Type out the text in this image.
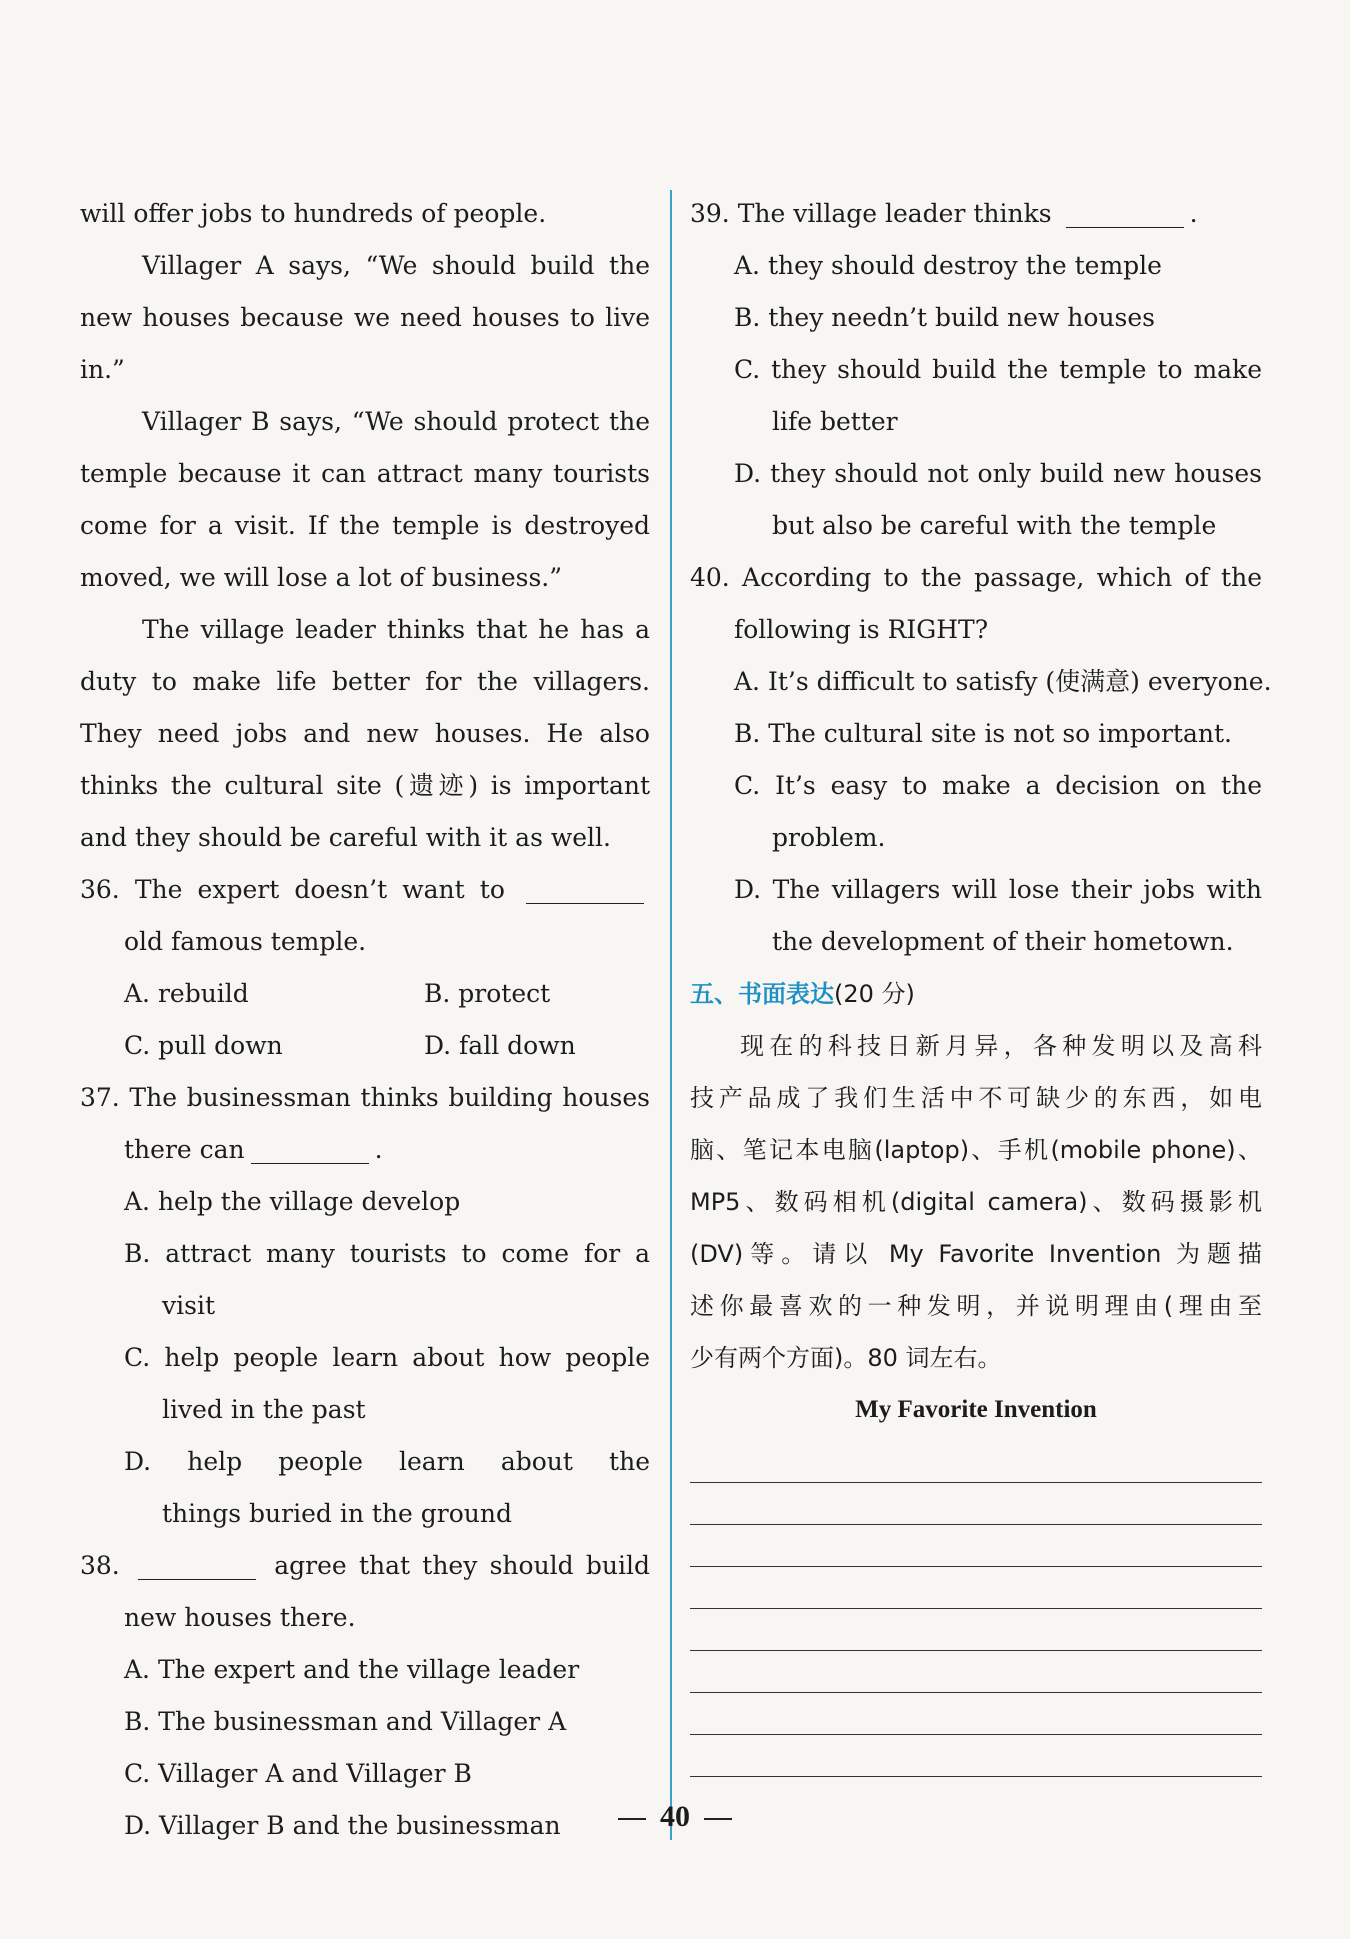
will offer jobs to hundreds of people.
Villager A says, “We should build the
new houses because we need houses to live
in.”
Villager B says, “We should protect the
temple because it can attract many tourists
come for a visit. If the temple is destroyed
moved, we will lose a lot of business.”
The village leader thinks that he has a
duty to make life better for the villagers.
They need jobs and new houses. He also
thinks the cultural site (遗迹) is important
and they should be careful with it as well.
36. The expert doesn’t want to
old famous temple.
A. rebuild	B. protect
C. pull down	D. fall down
37. The businessman thinks building houses
there can	.
A. help the village develop
B. attract many tourists to come for a
visit
C. help people learn about how people
lived in the past
D. help people learn about the
things buried in the ground
38.	agree that they should build
new houses there.
A. The expert and the village leader
B. The businessman and Villager A
C. Villager A and Villager B
D. Villager B and the businessman
39. The village leader thinks	.
A. they should destroy the temple
B. they needn’t build new houses
C. they should build the temple to make
life better
D. they should not only build new houses
but also be careful with the temple
40. According to the passage, which of the
following is RIGHT?
A. It’s difficult to satisfy (使满意) everyone.
B. The cultural site is not so important.
C. It’s easy to make a decision on the
problem.
D. The villagers will lose their jobs with
the development of their hometown.
五、书面表达(20 分)
现在的科技日新月异，各种发明以及高科
技产品成了我们生活中不可缺少的东西，如电
脑、笔记本电脑(laptop)、手机(mobile phone)、
MP5、数码相机(digital camera)、数码摄影机
(DV)等。请以 My Favorite Invention 为题描
述你最喜欢的一种发明，并说明理由(理由至
少有两个方面)。80 词左右。
My Favorite Invention
40
